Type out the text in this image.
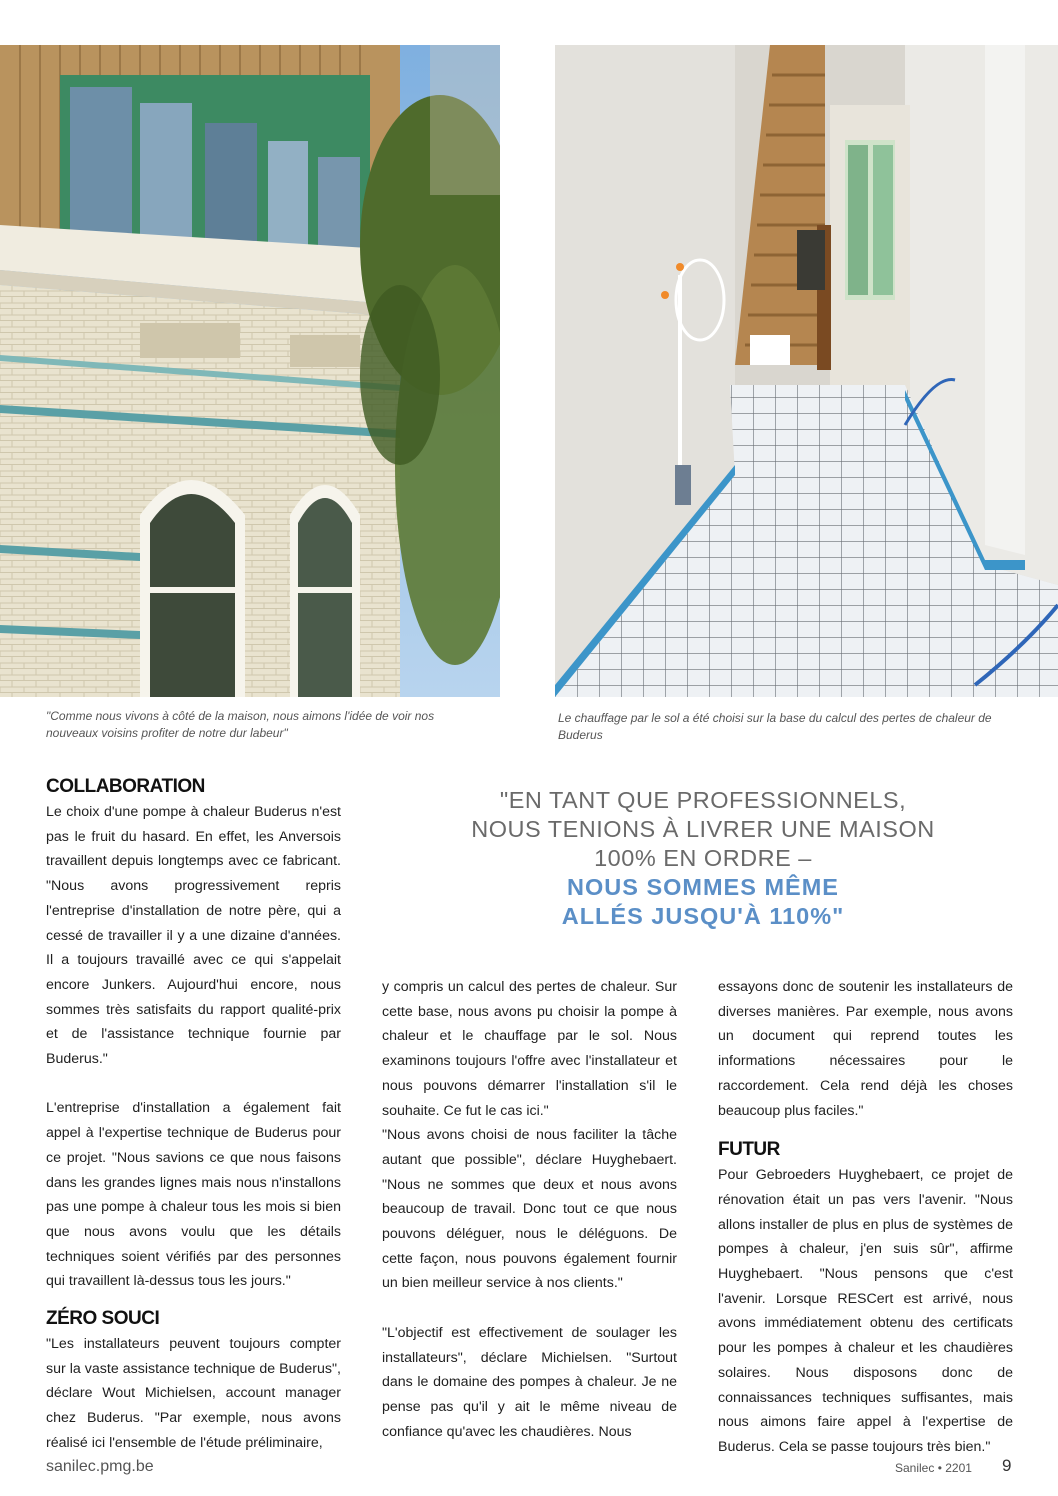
"Comme nous vivons à côté de la maison, nous aimons l'idée de voir nos nouveaux voisins profiter de notre dur labeur"
Le chauffage par le sol a été choisi sur la base du calcul des pertes de chaleur de Buderus
COLLABORATION

Le choix d'une pompe à chaleur Buderus n'est pas le fruit du hasard. En effet, les Anversois travaillent depuis longtemps avec ce fabricant. "Nous avons progressivement repris l'entreprise d'installation de notre père, qui a cessé de travailler il y a une dizaine d'années. Il a toujours travaillé avec ce qui s'appelait encore Junkers. Aujourd'hui encore, nous sommes très satisfaits du rapport qualité-prix et de l'assistance technique fournie par Buderus."

L'entreprise d'installation a également fait appel à l'expertise technique de Buderus pour ce projet. "Nous savions ce que nous faisons dans les grandes lignes mais nous n'installons pas une pompe à chaleur tous les mois si bien que nous avons voulu que les détails techniques soient vérifiés par des personnes qui travaillent là-dessus tous les jours."

ZÉRO SOUCI

"Les installateurs peuvent toujours compter sur la vaste assistance technique de Buderus", déclare Wout Michielsen, account manager chez Buderus. "Par exemple, nous avons réalisé ici l'ensemble de l'étude préliminaire,

"EN TANT QUE PROFESSIONNELS,
NOUS TENIONS À LIVRER UNE MAISON
100% EN ORDRE –
NOUS SOMMES MÊME
ALLÉS JUSQU'À 110%"

y compris un calcul des pertes de chaleur. Sur cette base, nous avons pu choisir la pompe à chaleur et le chauffage par le sol. Nous examinons toujours l'offre avec l'installateur et nous pouvons démarrer l'installation s'il le souhaite. Ce fut le cas ici."

"Nous avons choisi de nous faciliter la tâche autant que possible", déclare Huyghebaert. "Nous ne sommes que deux et nous avons beaucoup de travail. Donc tout ce que nous pouvons déléguer, nous le déléguons. De cette façon, nous pouvons également fournir un bien meilleur service à nos clients."

"L'objectif est effectivement de soulager les installateurs", déclare Michielsen. "Surtout dans le domaine des pompes à chaleur. Je ne pense pas qu'il y ait le même niveau de confiance qu'avec les chaudières. Nous

essayons donc de soutenir les installateurs de diverses manières. Par exemple, nous avons un document qui reprend toutes les informations nécessaires pour le raccordement. Cela rend déjà les choses beaucoup plus faciles."

FUTUR

Pour Gebroeders Huyghebaert, ce projet de rénovation était un pas vers l'avenir. "Nous allons installer de plus en plus de systèmes de pompes à chaleur, j'en suis sûr", affirme Huyghebaert. "Nous pensons que c'est l'avenir. Lorsque RESCert est arrivé, nous avons immédiatement obtenu des certificats pour les pompes à chaleur et les chaudières solaires. Nous disposons donc de connaissances techniques suffisantes, mais nous aimons faire appel à l'expertise de Buderus. Cela se passe toujours très bien."

sanilec.pmg.be	Sanilec • 2201 9
